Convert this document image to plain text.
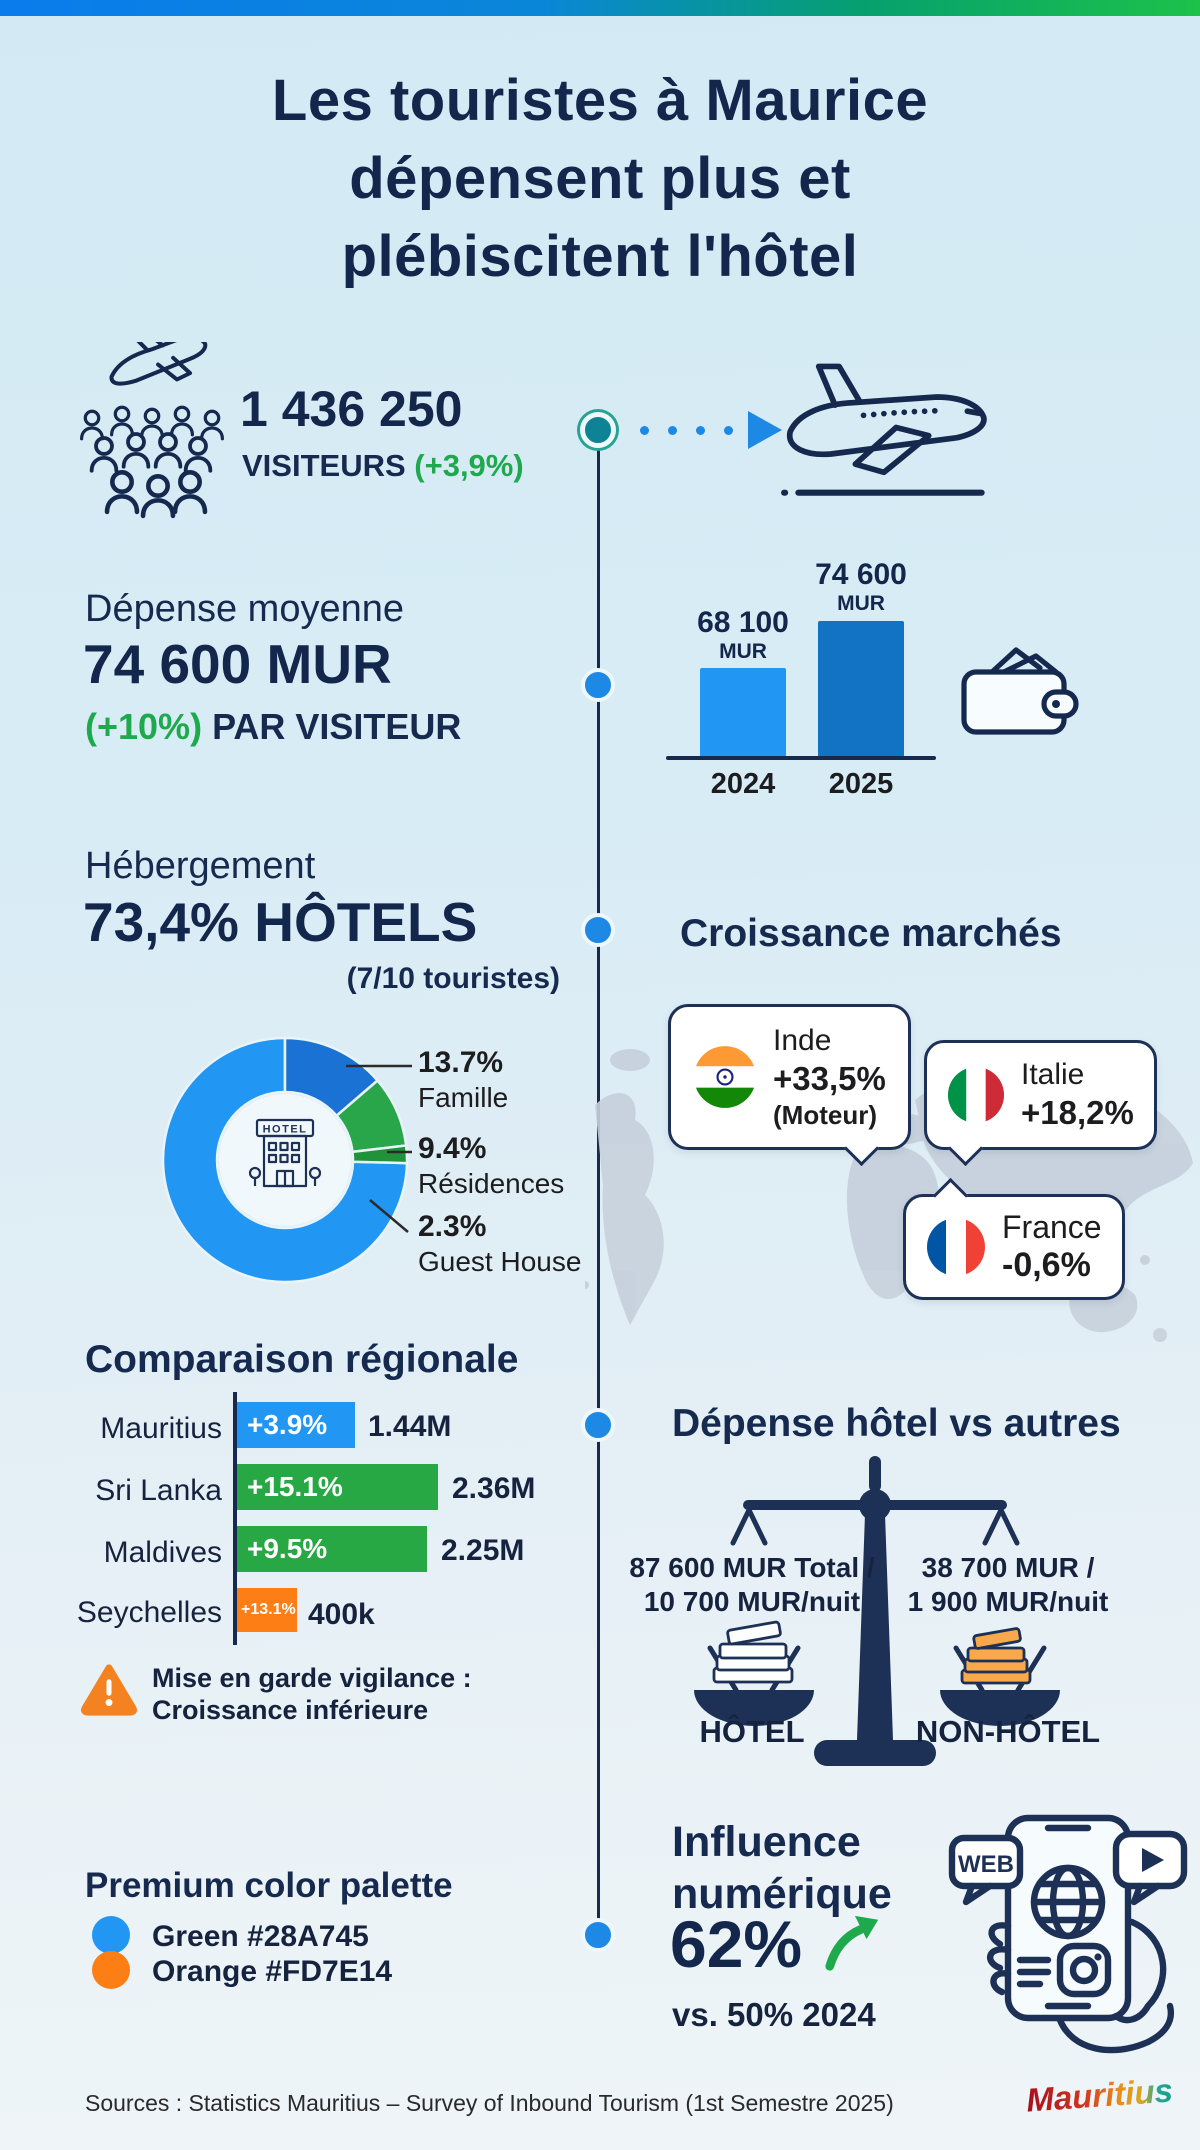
Les touristes à Maurice
dépensent plus et
plébiscitent l'hôtel
1 436 250
VISITEURS (+3,9%)
Dépense moyenne
74 600 MUR
(+10%) PAR VISITEUR
68 100
MUR
74 600
MUR
2024	2025
Hébergement
73,4% HÔTELS
(7/10 touristes)
HOTEL
13.7%
Famille
9.4%
Résidences
2.3%
Guest House
Croissance marchés
Inde
+33,5%
(Moteur)
Italie
+18,2%
France
-0,6%
Comparaison régionale
Mauritius +3.9% 1.44M
Sri Lanka +15.1%	2.36M
Maldives +9.5%	2.25M
Seychelles +13.1% 400k
Mise en garde vigilance :
Croissance inférieure
Dépense hôtel vs autres
87 600 MUR Total /
10 700 MUR/nuit
38 700 MUR /
1 900 MUR/nuit
HÔTEL	NON-HÔTEL
Premium color palette
Green #28A745
Orange #FD7E14
Influence numérique
62%
vs. 50% 2024
WEB
Sources : Statistics Mauritius – Survey of Inbound Tourism (1st Semestre 2025)	Mauritius
